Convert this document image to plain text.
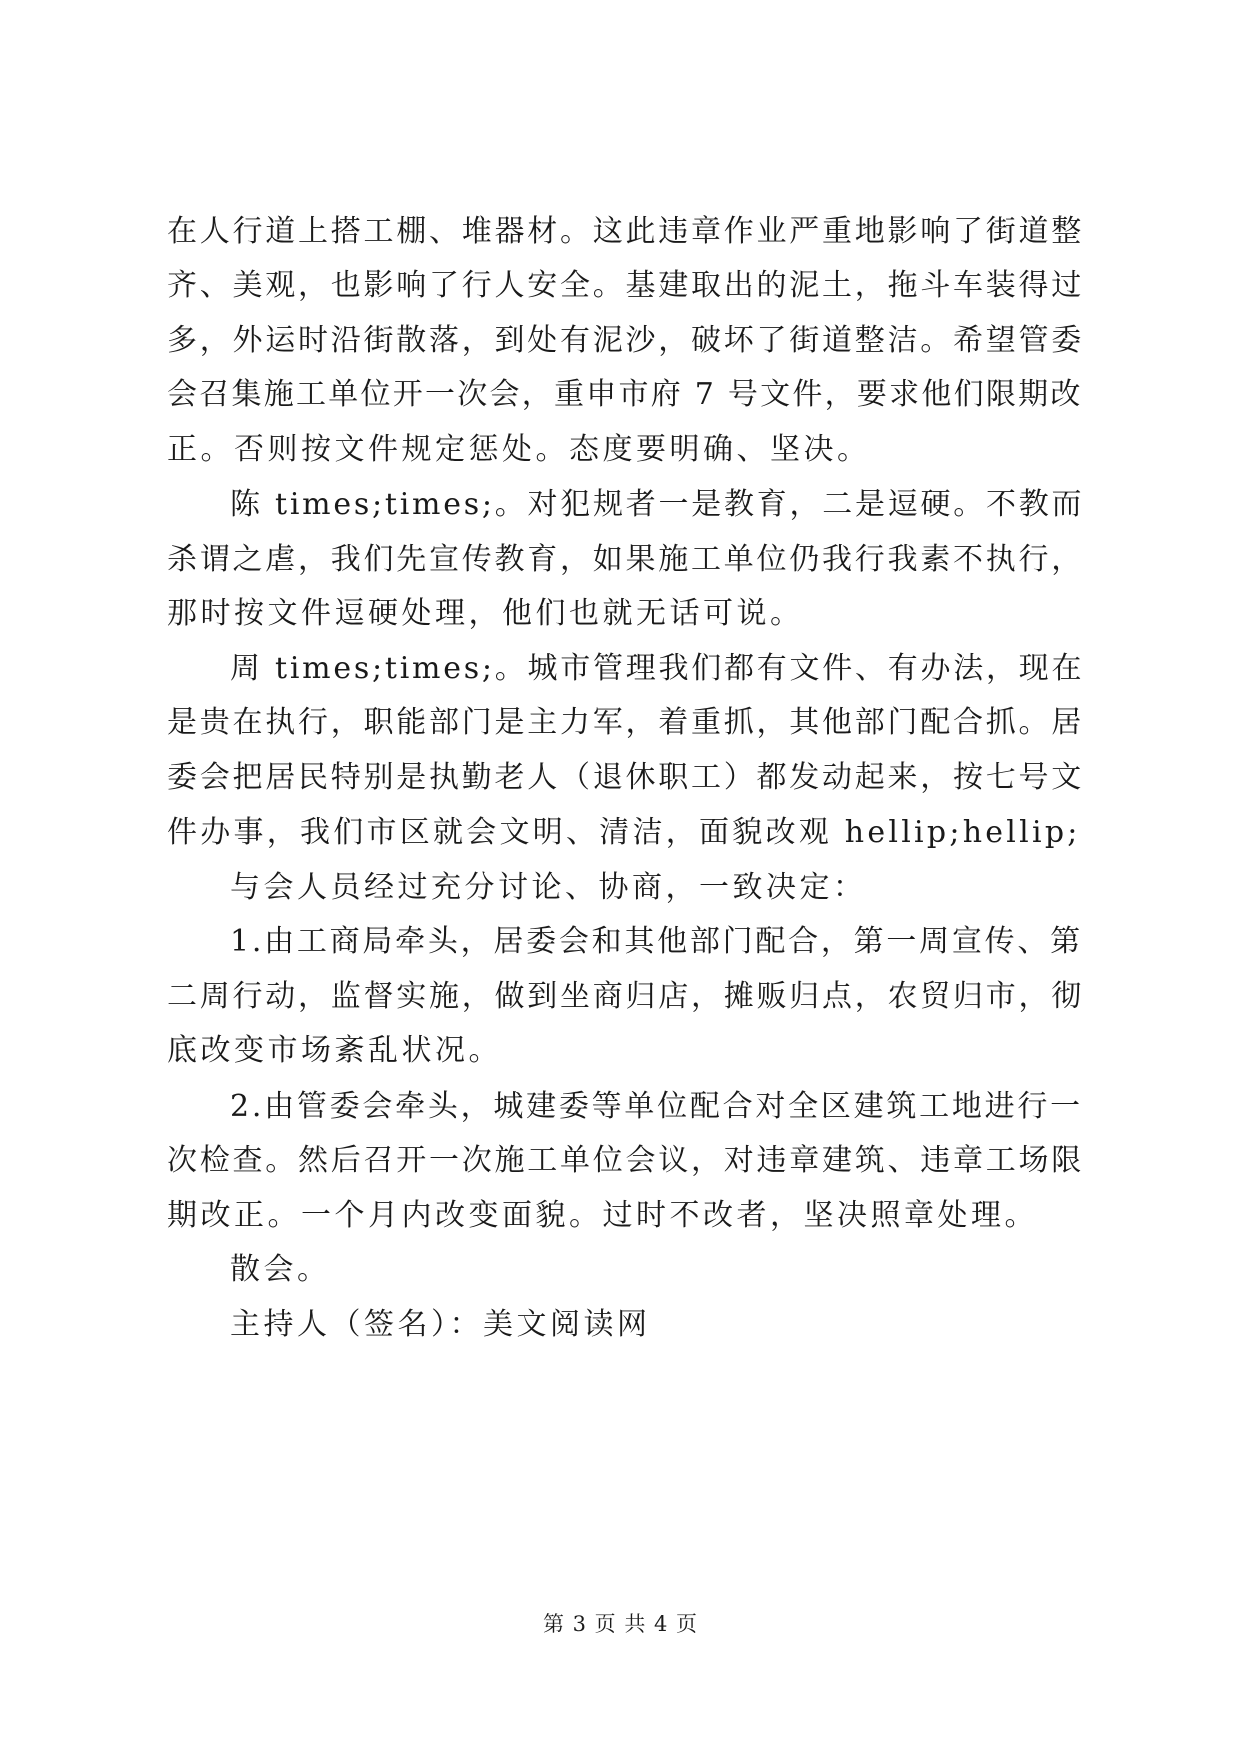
在人行道上搭工棚、堆器材。这此违章作业严重地影响了街道整
齐、美观，也影响了行人安全。基建取出的泥土，拖斗车装得过
多，外运时沿街散落，到处有泥沙，破坏了街道整洁。希望管委
会召集施工单位开一次会，重申市府 7 号文件，要求他们限期改
正。否则按文件规定惩处。态度要明确、坚决。
陈 times;times;。对犯规者一是教育，二是逗硬。不教而
杀谓之虐，我们先宣传教育，如果施工单位仍我行我素不执行，
那时按文件逗硬处理，他们也就无话可说。
周 times;times;。城市管理我们都有文件、有办法，现在
是贵在执行，职能部门是主力军，着重抓，其他部门配合抓。居
委会把居民特别是执勤老人（退休职工）都发动起来，按七号文
件办事，我们市区就会文明、清洁，面貌改观 hellip;hellip;
与会人员经过充分讨论、协商，一致决定：
1.由工商局牵头，居委会和其他部门配合，第一周宣传、第
二周行动，监督实施，做到坐商归店，摊贩归点，农贸归市，彻
底改变市场紊乱状况。
2.由管委会牵头，城建委等单位配合对全区建筑工地进行一
次检查。然后召开一次施工单位会议，对违章建筑、违章工场限
期改正。一个月内改变面貌。过时不改者，坚决照章处理。
散会。
主持人（签名）：美文阅读网
第 3 页 共 4 页
